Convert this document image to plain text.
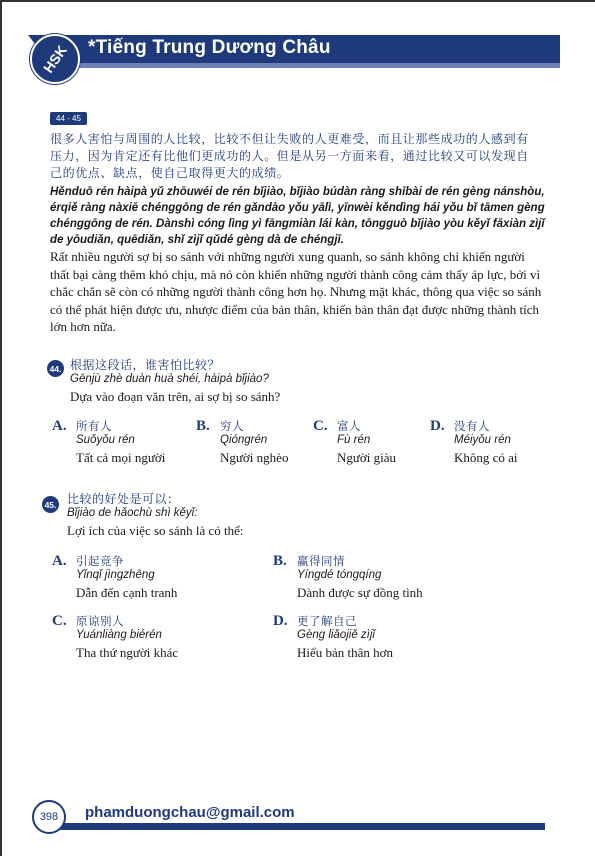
*Tiếng Trung Dương Châu
HSK
44 - 45
很多人害怕与周围的人比较，比较不但让失败的人更难受，而且让那些成功的人感到有压力，因为肯定还有比他们更成功的人。但是从另一方面来看，通过比较又可以发现自己的优点、缺点，使自己取得更大的成绩。
Hěnduō rén hàipà yǔ zhōuwéi de rén bǐjiào, bǐjiào búdàn ràng shībài de rén gèng nánshòu, érqiě ràng nàxiē chénggōng de rén gǎndào yǒu yālì, yīnwèi kěndìng hái yǒu bǐ tāmen gèng chénggōng de rén. Dànshì cóng lìng yì fāngmiàn lái kàn, tōngguò bǐjiào yòu kěyǐ fāxiàn zìjǐ de yōudiǎn, quēdiǎn, shǐ zìjǐ qǔdé gèng dà de chéngjī.
Rất nhiều người sợ bị so sánh với những người xung quanh, so sánh không chỉ khiến người thất bại càng thêm khó chịu, mà nó còn khiến những người thành công cảm thấy áp lực, bởi vì chắc chắn sẽ còn có những người thành công hơn họ. Nhưng mặt khác, thông qua việc so sánh có thể phát hiện được ưu, nhược điểm của bản thân, khiến bản thân đạt được những thành tích lớn hơn nữa.
44. 根据这段话，谁害怕比较？
Gēnjù zhè duàn huà shéi, hàipà bǐjiào?
Dựa vào đoạn văn trên, ai sợ bị so sánh?
A. 所有人
Suǒyǒu rén
Tất cả mọi người
B. 穷人
Qióngrén
Người nghèo
C. 富人
Fù rén
Người giàu
D. 没有人
Méiyǒu rén
Không có ai
45. 比较的好处是可以：
Bǐjiào de hǎochù shì kěyǐ:
Lợi ích của việc so sánh là có thể:
A. 引起竞争
Yǐnqǐ jìngzhēng
Dẫn đến cạnh tranh
B. 赢得同情
Yíngdé tóngqíng
Dành được sự đồng tình
C. 原谅别人
Yuánliàng biérén
Tha thứ người khác
D. 更了解自己
Gèng liǎojiě zìjǐ
Hiểu bản thân hơn
398	phamduongchau@gmail.com
